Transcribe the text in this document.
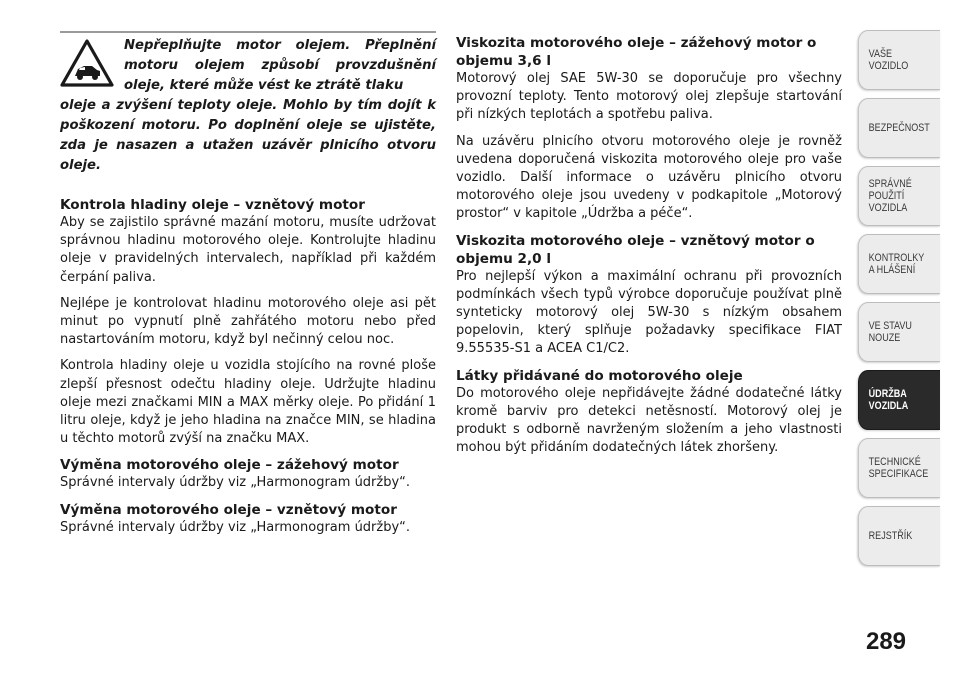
Nepřeplňujte motor olejem. Přeplnění motoru olejem způsobí provzdušnění oleje, které může vést ke ztrátě tlaku
oleje a zvýšení teploty oleje. Mohlo by tím dojít k poškození motoru. Po doplnění oleje se ujistěte, zda je nasazen a utažen uzávěr plnicího otvoru oleje.

Kontrola hladiny oleje – vznětový motor

Aby se zajistilo správné mazání motoru, musíte udržovat správnou hladinu motorového oleje. Kontrolujte hladinu oleje v pravidelných intervalech, například při každém čerpání paliva.

Nejlépe je kontrolovat hladinu motorového oleje asi pět minut po vypnutí plně zahřátého motoru nebo před nastartováním motoru, když byl nečinný celou noc.

Kontrola hladiny oleje u vozidla stojícího na rovné ploše zlepší přesnost odečtu hladiny oleje. Udržujte hladinu oleje mezi značkami MIN a MAX měrky oleje. Po přidání 1 litru oleje, když je jeho hladina na značce MIN, se hladina u těchto motorů zvýší na značku MAX.

Výměna motorového oleje – zážehový motor

Správné intervaly údržby viz „Harmonogram údržby“.

Výměna motorového oleje – vznětový motor

Správné intervaly údržby viz „Harmonogram údržby“.

Viskozita motorového oleje – zážehový motor o objemu 3,6 l

Motorový olej SAE 5W-30 se doporučuje pro všechny provozní teploty. Tento motorový olej zlepšuje startování při nízkých teplotách a spotřebu paliva.

Na uzávěru plnicího otvoru motorového oleje je rovněž uvedena doporučená viskozita motorového oleje pro vaše vozidlo. Další informace o uzávěru plnicího otvoru motorového oleje jsou uvedeny v podkapitole „Motorový prostor“ v kapitole „Údržba a péče“.

Viskozita motorového oleje – vznětový motor o objemu 2,0 l

Pro nejlepší výkon a maximální ochranu při provozních podmínkách všech typů výrobce doporučuje používat plně synteticky motorový olej 5W-30 s nízkým obsahem popelovin, který splňuje požadavky specifikace FIAT 9.55535-S1 a ACEA C1/C2.

Látky přidávané do motorového oleje

Do motorového oleje nepřidávejte žádné dodatečné látky kromě barviv pro detekci netěsností. Motorový olej je produkt s odborně navrženým složením a jeho vlastnosti mohou být přidáním dodatečných látek zhoršeny.

VAŠE
VOZIDLO
BEZPEČNOST
SPRÁVNÉ
POUŽITÍ
VOZIDLA
KONTROLKY
A HLÁŠENÍ
VE STAVU
NOUZE
ÚDRŽBA
VOZIDLA
TECHNICKÉ
SPECIFIKACE
REJSTŘÍK
289
